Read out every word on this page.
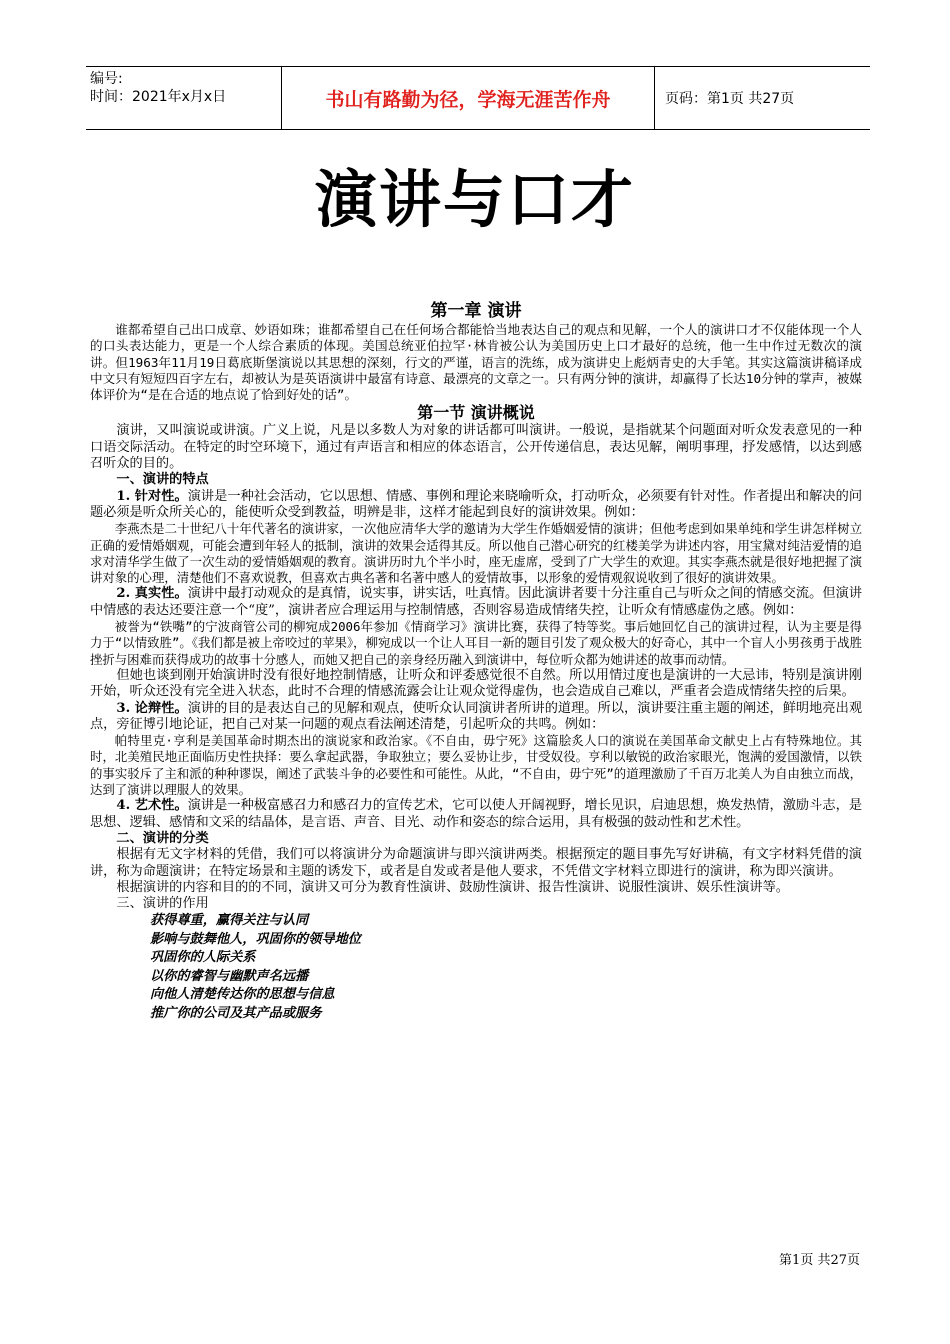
编号:
时间：2021年x月x日	书山有路勤为径，学海无涯苦作舟	页码：第1页 共27页
演讲与口才
第一章 演讲

谁都希望自己出口成章、妙语如珠；谁都希望自己在任何场合都能恰当地表达自己的观点和见解，一个人的演讲口才不仅能体现一个人的口头表达能力，更是一个人综合素质的体现。美国总统亚伯拉罕·林肯被公认为美国历史上口才最好的总统，他一生中作过无数次的演讲。但1963年11月19日葛底斯堡演说以其思想的深刻，行文的严谨，语言的洗练，成为演讲史上彪炳青史的大手笔。其实这篇演讲稿译成中文只有短短四百字左右，却被认为是英语演讲中最富有诗意、最漂亮的文章之一。只有两分钟的演讲，却赢得了长达10分钟的掌声，被媒体评价为“是在合适的地点说了恰到好处的话”。

第一节 演讲概说

演讲，又叫演说或讲演。广义上说，凡是以多数人为对象的讲话都可叫演讲。一般说，是指就某个问题面对听众发表意见的一种口语交际活动。在特定的时空环境下，通过有声语言和相应的体态语言，公开传递信息，表达见解，阐明事理，抒发感情，以达到感召听众的目的。

一、演讲的特点

1. 针对性。演讲是一种社会活动，它以思想、情感、事例和理论来晓喻听众，打动听众，必须要有针对性。作者提出和解决的问题必须是听众所关心的，能使听众受到教益，明辨是非，这样才能起到良好的演讲效果。例如：

李燕杰是二十世纪八十年代著名的演讲家，一次他应清华大学的邀请为大学生作婚姻爱情的演讲；但他考虑到如果单纯和学生讲怎样树立正确的爱情婚姻观，可能会遭到年轻人的抵制，演讲的效果会适得其反。所以他自己潜心研究的红楼美学为讲述内容，用宝黛对纯洁爱情的追求对清华学生做了一次生动的爱情婚姻观的教育。演讲历时九个半小时，座无虚席，受到了广大学生的欢迎。其实李燕杰就是很好地把握了演讲对象的心理，清楚他们不喜欢说教，但喜欢古典名著和名著中感人的爱情故事，以形象的爱情观叙说收到了很好的演讲效果。

2. 真实性。演讲中最打动观众的是真情，说实事，讲实话，吐真情。因此演讲者要十分注重自己与听众之间的情感交流。但演讲中情感的表达还要注意一个“度”，演讲者应合理运用与控制情感，否则容易造成情绪失控，让听众有情感虚伪之感。例如：

被誉为“铁嘴”的宁波商管公司的柳宛成2006年参加《情商学习》演讲比赛，获得了特等奖。事后她回忆自己的演讲过程，认为主要是得力于“以情致胜”。《我们都是被上帝咬过的苹果》，柳宛成以一个让人耳目一新的题目引发了观众极大的好奇心，其中一个盲人小男孩勇于战胜挫折与困难而获得成功的故事十分感人，而她又把自己的亲身经历融入到演讲中，每位听众都为她讲述的故事而动情。

但她也谈到刚开始演讲时没有很好地控制情感，让听众和评委感觉很不自然。所以用情过度也是演讲的一大忌讳，特别是演讲刚开始，听众还没有完全进入状态，此时不合理的情感流露会让让观众觉得虚伪，也会造成自己难以，严重者会造成情绪失控的后果。

3. 论辩性。演讲的目的是表达自己的见解和观点，使听众认同演讲者所讲的道理。所以，演讲要注重主题的阐述，鲜明地亮出观点，旁征博引地论证，把自己对某一问题的观点看法阐述清楚，引起听众的共鸣。例如：

帕特里克·亨利是美国革命时期杰出的演说家和政治家。《不自由，毋宁死》这篇脍炙人口的演说在美国革命文献史上占有特殊地位。其时，北美殖民地正面临历史性抉择：要么拿起武器，争取独立；要么妥协让步，甘受奴役。亨利以敏锐的政治家眼光，饱满的爱国激情，以铁的事实驳斥了主和派的种种谬误，阐述了武装斗争的必要性和可能性。从此，“不自由，毋宁死”的道理激励了千百万北美人为自由独立而战，达到了演讲以理服人的效果。

4. 艺术性。演讲是一种极富感召力和感召力的宣传艺术，它可以使人开阔视野，增长见识，启迪思想，焕发热情，激励斗志，是思想、逻辑、感情和文采的结晶体，是言语、声音、目光、动作和姿态的综合运用，具有极强的鼓动性和艺术性。

二、演讲的分类

根据有无文字材料的凭借，我们可以将演讲分为命题演讲与即兴演讲两类。根据预定的题目事先写好讲稿，有文字材料凭借的演讲，称为命题演讲；在特定场景和主题的诱发下，或者是自发或者是他人要求，不凭借文字材料立即进行的演讲，称为即兴演讲。

根据演讲的内容和目的的不同，演讲又可分为教育性演讲、鼓励性演讲、报告性演讲、说服性演讲、娱乐性演讲等。

三、演讲的作用
获得尊重，赢得关注与认同
影响与鼓舞他人，巩固你的领导地位
巩固你的人际关系
以你的睿智与幽默声名远播
向他人清楚传达你的思想与信息
推广你的公司及其产品或服务
第1页 共27页
